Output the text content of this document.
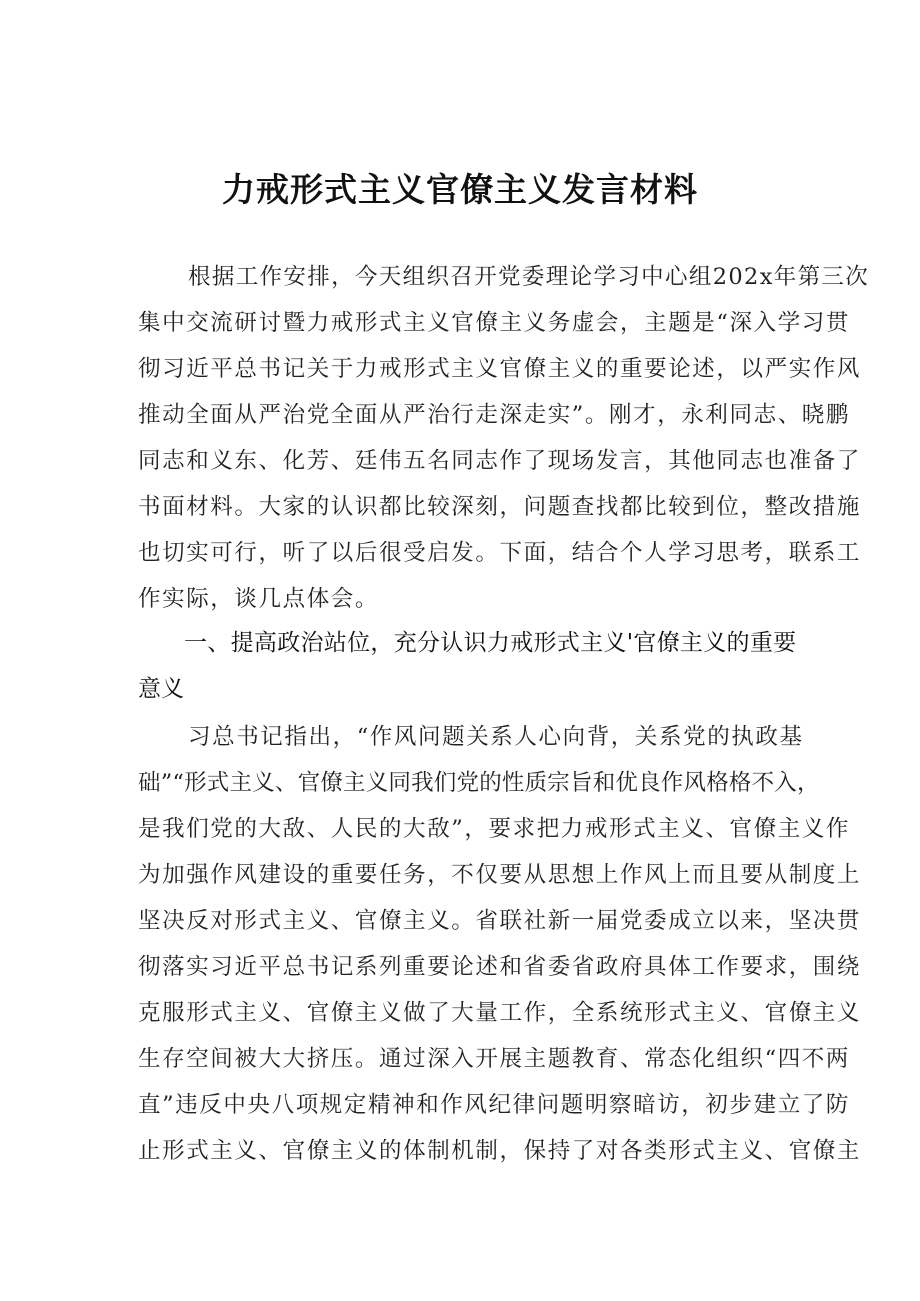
力戒形式主义官僚主义发言材料

根据工作安排，今天组织召开党委理论学习中心组202x年第三次

集中交流研讨暨力戒形式主义官僚主义务虚会，主题是“深入学习贯

彻习近平总书记关于力戒形式主义官僚主义的重要论述，以严实作风

推动全面从严治党全面从严治行走深走实”。刚才，永利同志、晓鹏

同志和义东、化芳、廷伟五名同志作了现场发言，其他同志也准备了

书面材料。大家的认识都比较深刻，问题查找都比较到位，整改措施

也切实可行，听了以后很受启发。下面，结合个人学习思考，联系工

作实际，谈几点体会。

一、提高政治站位，充分认识力戒形式主义'官僚主义的重要

意义

习总书记指出，“作风问题关系人心向背，关系党的执政基

础”“形式主义、官僚主义同我们党的性质宗旨和优良作风格格不入，

是我们党的大敌、人民的大敌”，要求把力戒形式主义、官僚主义作

为加强作风建设的重要任务，不仅要从思想上作风上而且要从制度上

坚决反对形式主义、官僚主义。省联社新一届党委成立以来，坚决贯

彻落实习近平总书记系列重要论述和省委省政府具体工作要求，围绕

克服形式主义、官僚主义做了大量工作，全系统形式主义、官僚主义

生存空间被大大挤压。通过深入开展主题教育、常态化组织“四不两

直”违反中央八项规定精神和作风纪律问题明察暗访，初步建立了防

止形式主义、官僚主义的体制机制，保持了对各类形式主义、官僚主
